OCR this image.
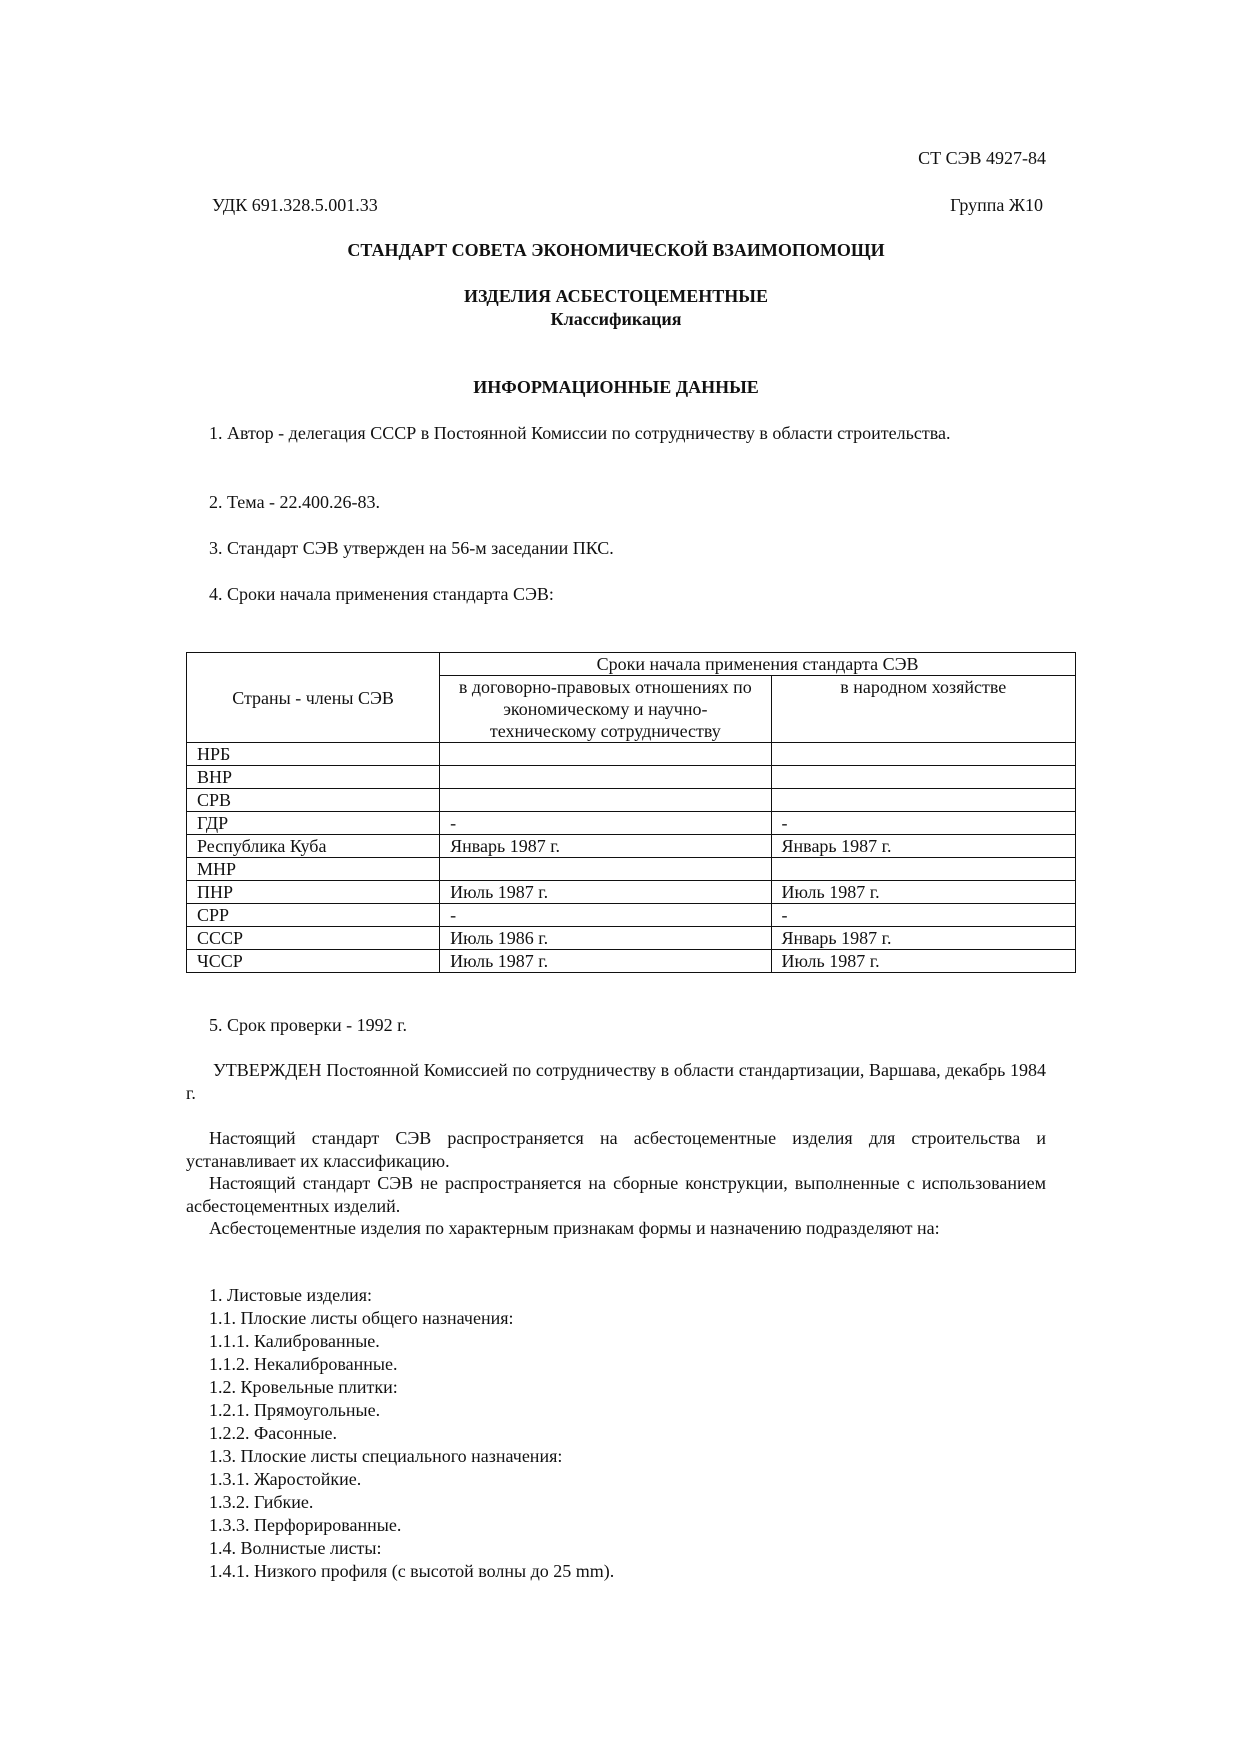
СТ СЭВ 4927-84
УДК 691.328.5.001.33	Группа Ж10
СТАНДАРТ СОВЕТА ЭКОНОМИЧЕСКОЙ ВЗАИМОПОМОЩИ
ИЗДЕЛИЯ АСБЕСТОЦЕМЕНТНЫЕ
Классификация
ИНФОРМАЦИОННЫЕ ДАННЫЕ
1. Автор - делегация СССР в Постоянной Комиссии по сотрудничеству в области строительства.
2. Тема - 22.400.26-83.
3. Стандарт СЭВ утвержден на 56-м заседании ПКС.
4. Сроки начала применения стандарта СЭВ:
Страны - члены СЭВ	Сроки начала применения стандарта СЭВ	
	в договорно-правовых отношениях по экономическому и научно-техническому сотрудничеству	в народном хозяйстве
НРБ		
ВНР		
СРВ		
ГДР	-	-
Республика Куба	Январь 1987 г.	Январь 1987 г.
МНР		
ПНР	Июль 1987 г.	Июль 1987 г.
СРР	-	-
СССР	Июль 1986 г.	Январь 1987 г.
ЧССР	Июль 1987 г.	Июль 1987 г.
5. Срок проверки - 1992 г.
УТВЕРЖДЕН Постоянной Комиссией по сотрудничеству в области стандартизации, Варшава, декабрь 1984 г.
Настоящий стандарт СЭВ распространяется на асбестоцементные изделия для строительства и устанавливает их классификацию.
Настоящий стандарт СЭВ не распространяется на сборные конструкции, выполненные с использованием асбестоцементных изделий.
Асбестоцементные изделия по характерным признакам формы и назначению подразделяют на:
1. Листовые изделия:
1.1. Плоские листы общего назначения:
1.1.1. Калиброванные.
1.1.2. Некалиброванные.
1.2. Кровельные плитки:
1.2.1. Прямоугольные.
1.2.2. Фасонные.
1.3. Плоские листы специального назначения:
1.3.1. Жаростойкие.
1.3.2. Гибкие.
1.3.3. Перфорированные.
1.4. Волнистые листы:
1.4.1. Низкого профиля (с высотой волны до 25 mm).
